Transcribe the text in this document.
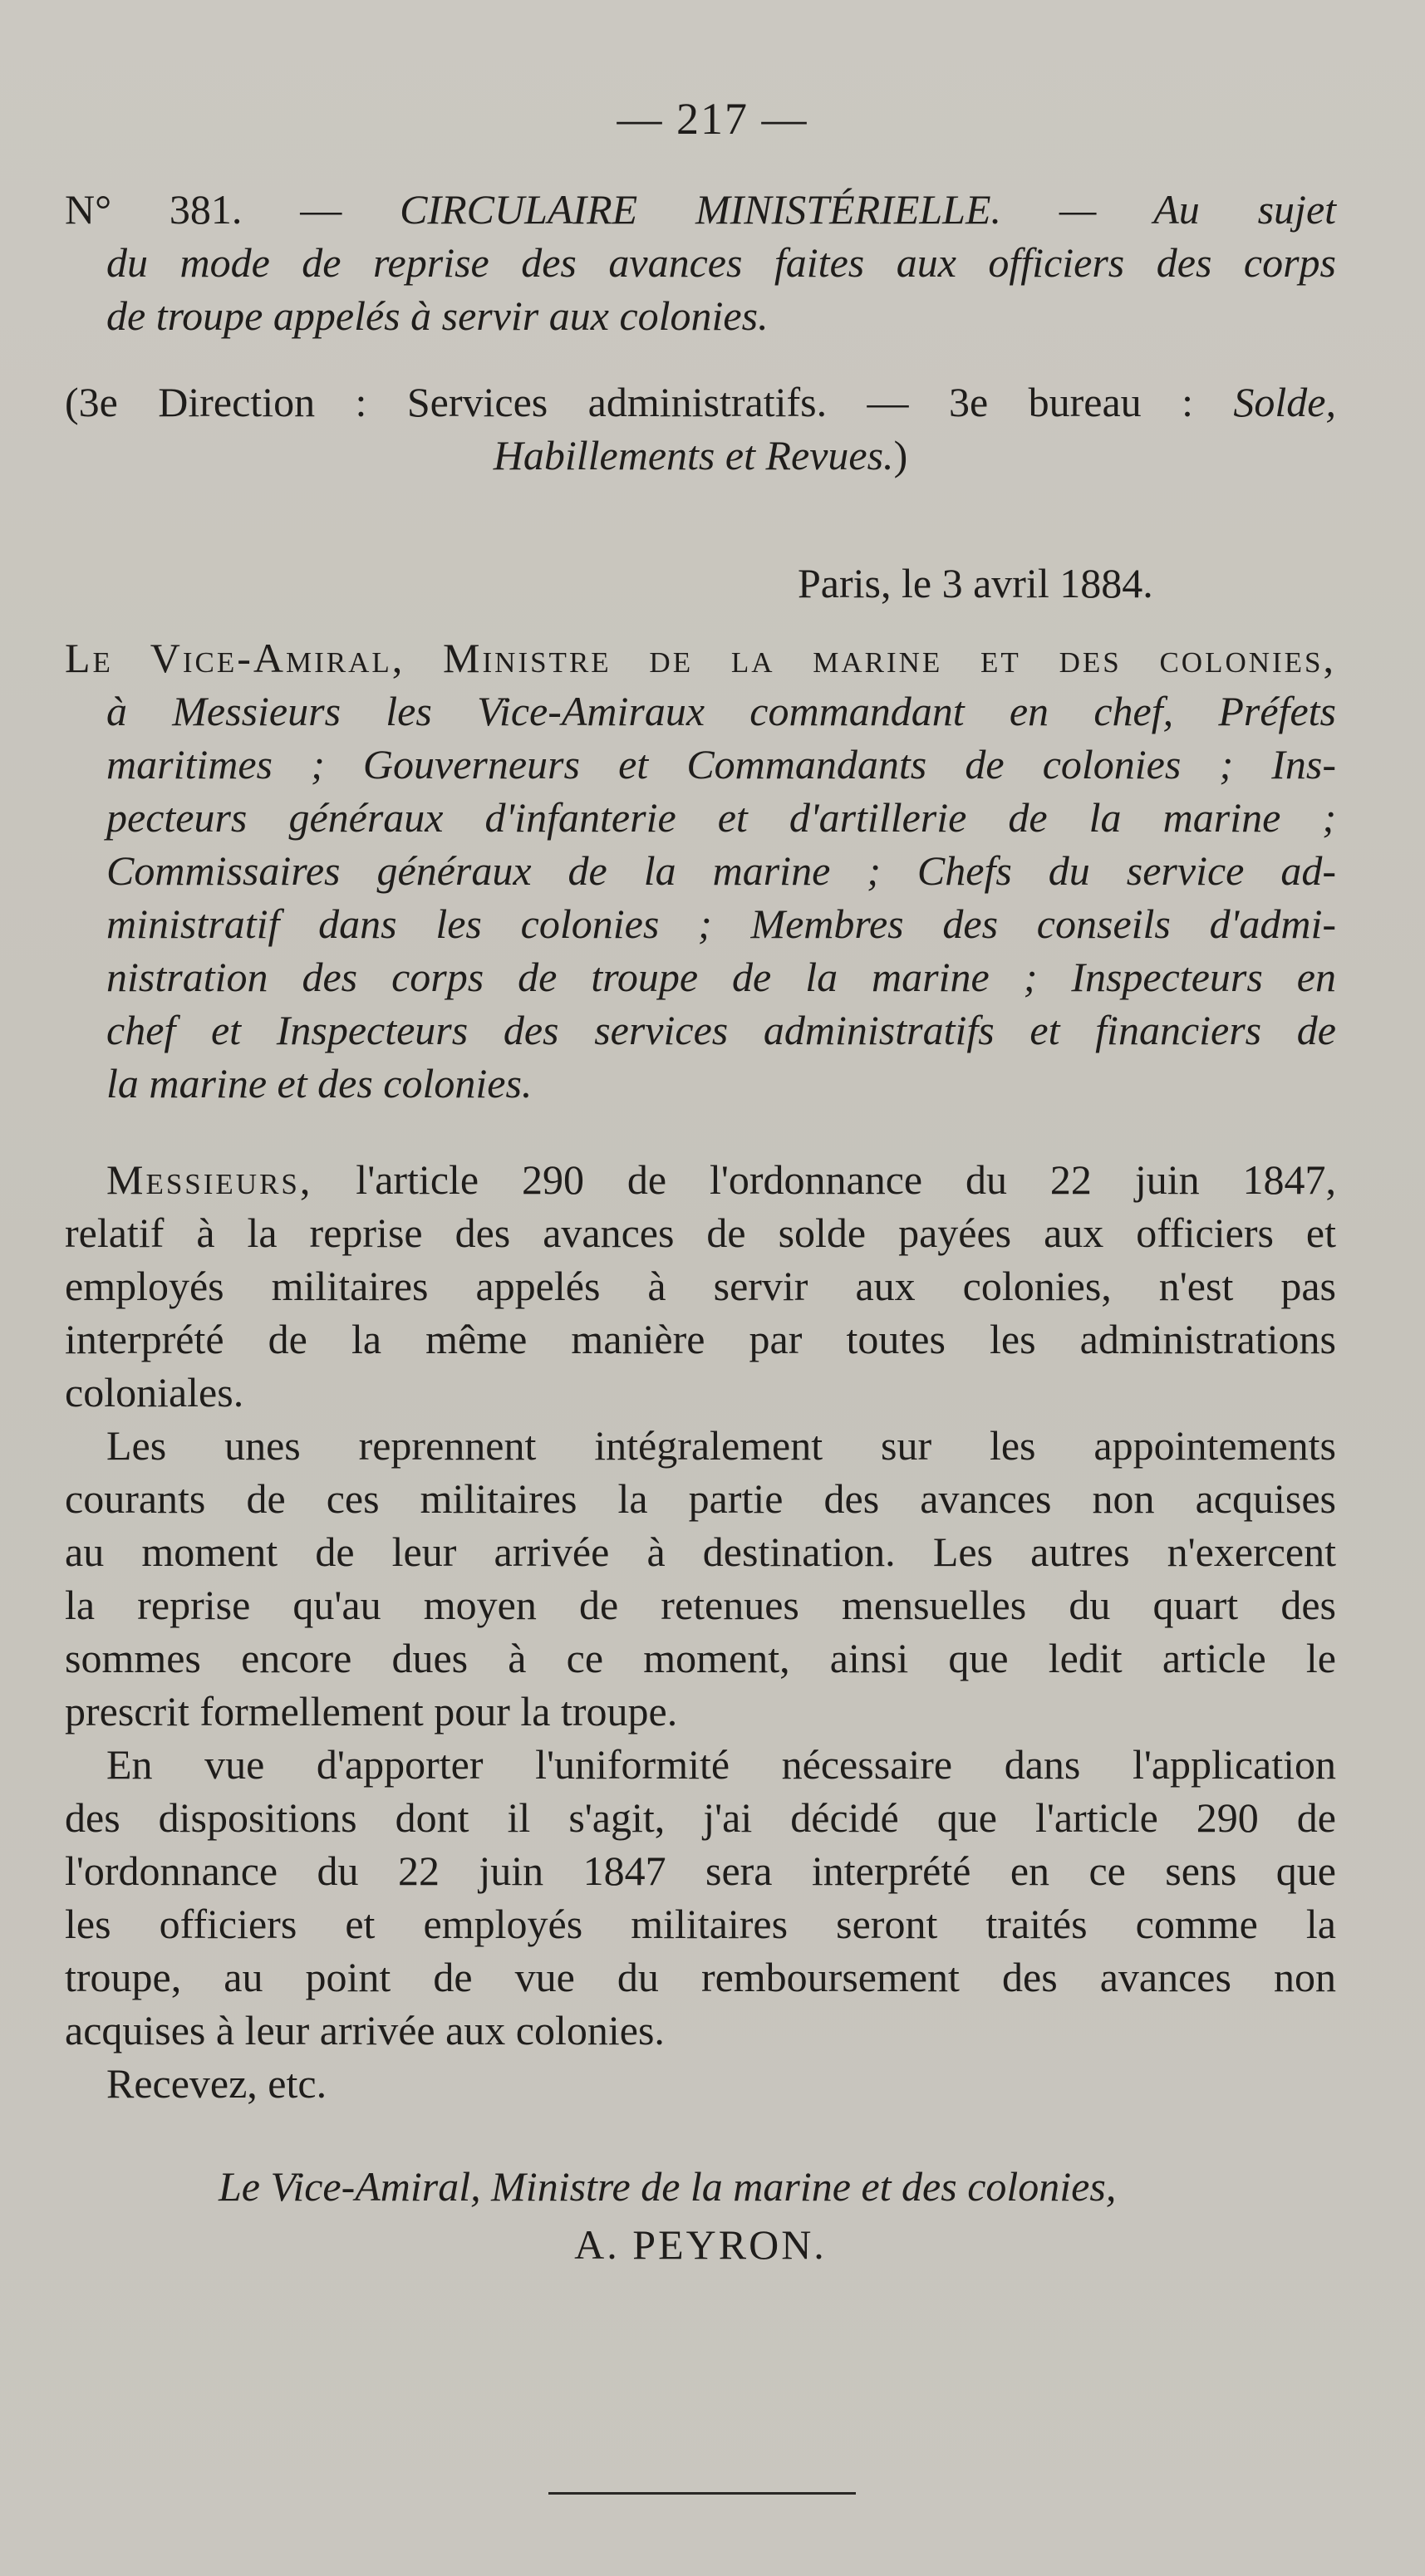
— 217 —
N° 381. — CIRCULAIRE MINISTÉRIELLE. — Au sujet
du mode de reprise des avances faites aux officiers des corps
de troupe appelés à servir aux colonies.
(3e Direction : Services administratifs. — 3e bureau : Solde,
Habillements et Revues.)
Paris, le 3 avril 1884.
Le Vice-Amiral, Ministre de la marine et des colonies,
à Messieurs les Vice-Amiraux commandant en chef, Préfets
maritimes ; Gouverneurs et Commandants de colonies ; Ins-
pecteurs généraux d'infanterie et d'artillerie de la marine ;
Commissaires généraux de la marine ; Chefs du service ad-
ministratif dans les colonies ; Membres des conseils d'admi-
nistration des corps de troupe de la marine ; Inspecteurs en
chef et Inspecteurs des services administratifs et financiers de
la marine et des colonies.
Messieurs, l'article 290 de l'ordonnance du 22 juin 1847,
relatif à la reprise des avances de solde payées aux officiers et
employés militaires appelés à servir aux colonies, n'est pas
interprété de la même manière par toutes les administrations
coloniales.
Les unes reprennent intégralement sur les appointements
courants de ces militaires la partie des avances non acquises
au moment de leur arrivée à destination. Les autres n'exercent
la reprise qu'au moyen de retenues mensuelles du quart des
sommes encore dues à ce moment, ainsi que ledit article le
prescrit formellement pour la troupe.
En vue d'apporter l'uniformité nécessaire dans l'application
des dispositions dont il s'agit, j'ai décidé que l'article 290 de
l'ordonnance du 22 juin 1847 sera interprété en ce sens que
les officiers et employés militaires seront traités comme la
troupe, au point de vue du remboursement des avances non
acquises à leur arrivée aux colonies.
Recevez, etc.
Le Vice-Amiral, Ministre de la marine et des colonies,
A. PEYRON.
